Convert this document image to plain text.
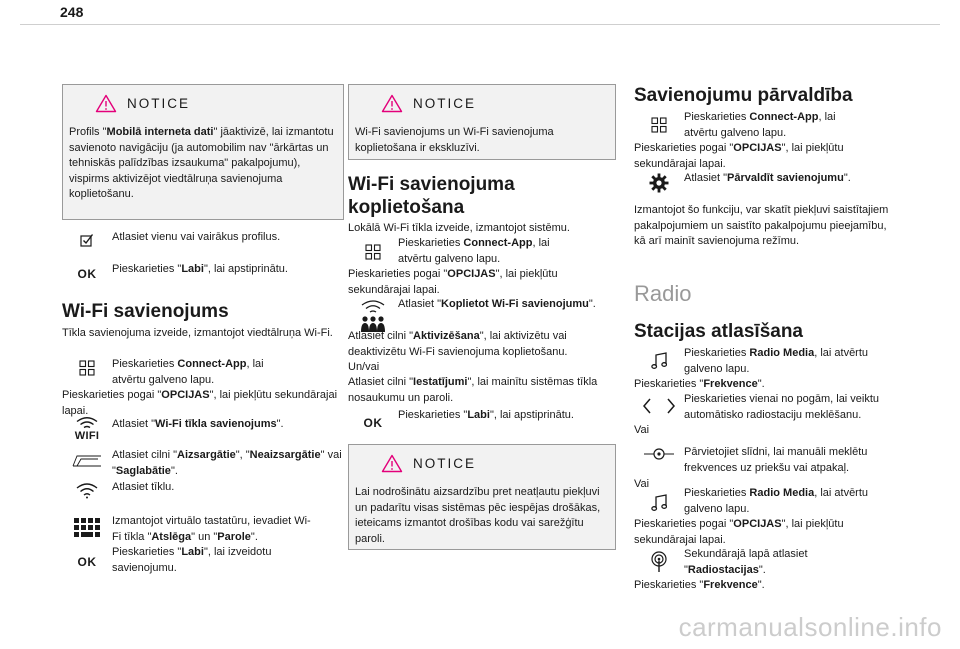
248
NOTICE
Profils "Mobilā interneta dati" jāaktivizē, lai izmantotu savienoto navigāciju (ja automobilim nav "ārkārtas un tehniskās palīdzības izsaukuma" pakalpojumu), vispirms aktivizējot viedtālruņa savienojuma koplietošanu.
Atlasiet vienu vai vairākus profilus.
OK Pieskarieties "Labi", lai apstiprinātu.
Wi-Fi savienojums
Tīkla savienojuma izveide, izmantojot viedtālruņa Wi-Fi.
Pieskarieties Connect-App, lai atvērtu galveno lapu.
Pieskarieties pogai "OPCIJAS", lai piekļūtu sekundārajai lapai.
WIFI
Atlasiet "Wi-Fi tīkla savienojums".
Atlasiet cilni "Aizsargātie", "Neaizsargātie" vai "Saglabātie".
Atlasiet tīklu.
Izmantojot virtuālo tastatūru, ievadiet Wi-Fi tīkla "Atslēga" un "Parole".
OK
Pieskarieties "Labi", lai izveidotu savienojumu.
NOTICE
Wi-Fi savienojums un Wi-Fi savienojuma koplietošana ir ekskluzīvi.
Wi-Fi savienojuma koplietošana
Lokālā Wi-Fi tīkla izveide, izmantojot sistēmu.
Pieskarieties Connect-App, lai atvērtu galveno lapu.
Pieskarieties pogai "OPCIJAS", lai piekļūtu sekundārajai lapai.
Atlasiet "Koplietot Wi-Fi savienojumu".
Atlasiet cilni "Aktivizēšana", lai aktivizētu vai deaktivizētu Wi-Fi savienojuma koplietošanu.
Un/vai
Atlasiet cilni "Iestatījumi", lai mainītu sistēmas tīkla nosaukumu un paroli.
OK
Pieskarieties "Labi", lai apstiprinātu.
NOTICE
Lai nodrošinātu aizsardzību pret neatļautu piekļuvi un padarītu visas sistēmas pēc iespējas drošākas, ieteicams izmantot drošības kodu vai sarežģītu paroli.
Savienojumu pārvaldība
Pieskarieties Connect-App, lai atvērtu galveno lapu.
Pieskarieties pogai "OPCIJAS", lai piekļūtu sekundārajai lapai.
Atlasiet "Pārvaldīt savienojumu".
Izmantojot šo funkciju, var skatīt piekļuvi saistītajiem pakalpojumiem un saistīto pakalpojumu pieejamību, kā arī mainīt savienojuma režīmu.
Radio
Stacijas atlasīšana
Pieskarieties Radio Media, lai atvērtu galveno lapu.
Pieskarieties "Frekvence".
Pieskarieties vienai no pogām, lai veiktu automātisko radiostaciju meklēšanu.
Vai
Pārvietojiet slīdni, lai manuāli meklētu frekvences uz priekšu vai atpakaļ.
Vai
Pieskarieties Radio Media, lai atvērtu galveno lapu.
Pieskarieties pogai "OPCIJAS", lai piekļūtu sekundārajai lapai.
Sekundārajā lapā atlasiet "Radiostacijas".
Pieskarieties "Frekvence".
carmanualsonline.info
